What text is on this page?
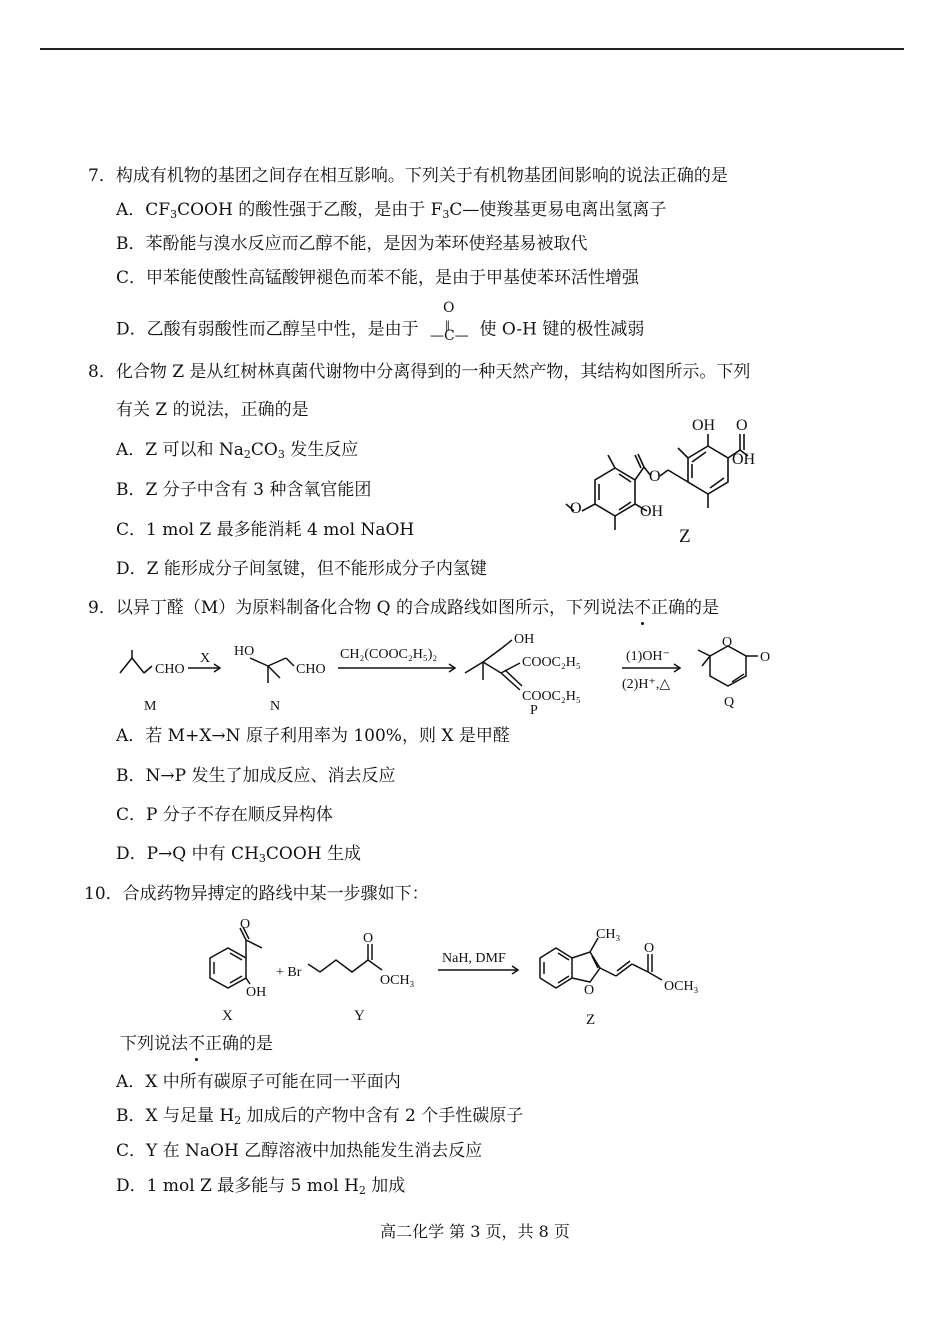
7．构成有机物的基团之间存在相互影响。下列关于有机物基团间影响的说法正确的是
A．$CF_3COOH$ 的酸性强于乙酸，是由于 $F_3C—$使羧基更易电离出氢离子
B．苯酚能与溴水反应而乙醇不能，是因为苯环使羟基易被取代
C．甲苯能使酸性高锰酸钾褪色而苯不能，是由于甲基使苯环活性增强
D．乙酸有弱酸性而乙醇呈中性，是由于
O
‖
—C— 使 O-H 键的极性减弱
8．化合物 Z 是从红树林真菌代谢物中分离得到的一种天然产物，其结构如图所示。下列
有关 Z 的说法，正确的是
A．Z 可以和 $Na_2CO_3$ 发生反应
B．Z 分子中含有 3 种含氧官能团
C．1 mol Z 最多能消耗 4 mol NaOH
D．Z 能形成分子间氢键，但不能形成分子内氢键
OH O
OH
O
O	OH
Z
9．以异丁醛（M）为原料制备化合物 Q 的合成路线如图所示，下列说法不正确的是
CHO
X HO
CHO
CH₂(COOC₂H₅)₂
OH
COOC₂H₅
COOC₂H₅
(1)OH⁻
(2)H⁺,△
O
O
M	N	P
Q
A．若 M+X→N 原子利用率为 100%，则 X 是甲醛
B．N→P 发生了加成反应、消去反应
C．P 分子不存在顺反异构体
D．P→Q 中有 $CH_3COOH$ 生成
10．合成药物异搏定的路线中某一步骤如下：
O
OH
+ Br
O
OCH₃
NaH, DMF
CH₃
O
O
OCH₃
X	Y	Z
下列说法不正确的是
A．X 中所有碳原子可能在同一平面内
B．X 与足量 $H_2$ 加成后的产物中含有 2 个手性碳原子
C．Y 在 NaOH 乙醇溶液中加热能发生消去反应
D．1 mol Z 最多能与 5 mol $H_2$ 加成
高二化学 第 3 页，共 8 页
